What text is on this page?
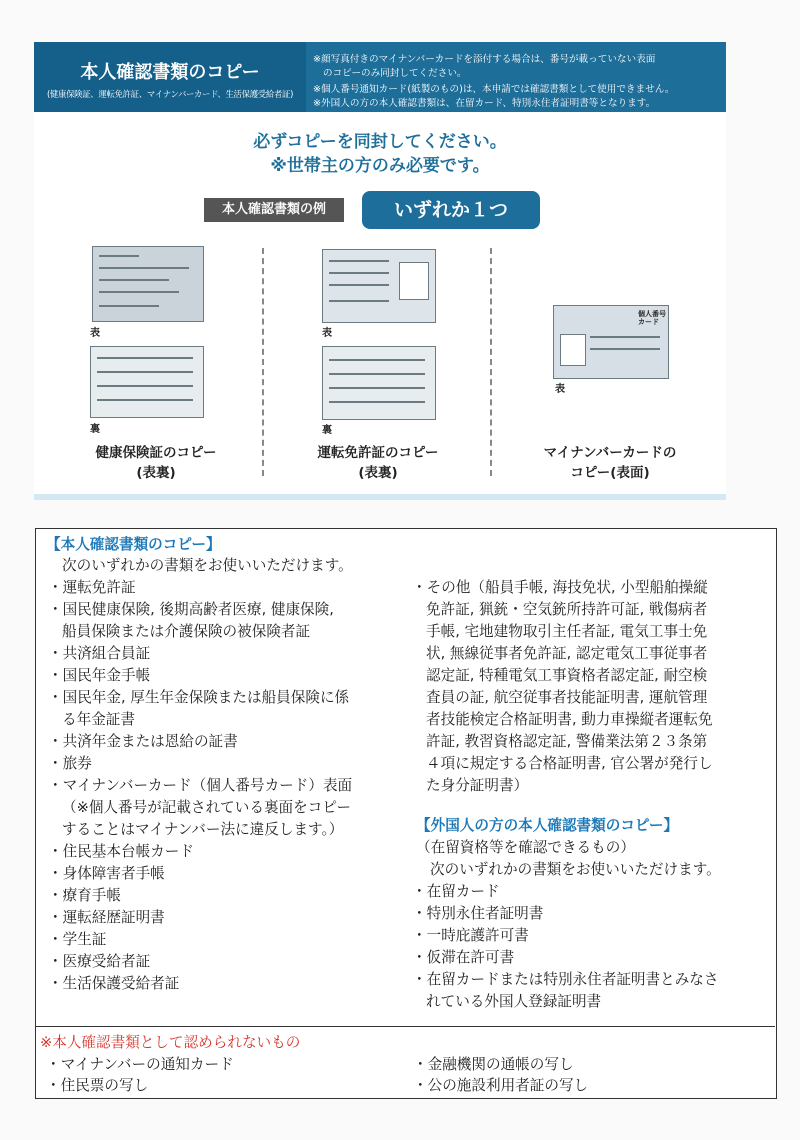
本人確認書類のコピー
(健康保険証、運転免許証、マイナンバーカード、生活保護受給者証)
※顔写真付きのマイナンバーカードを添付する場合は、番号が載っていない表面
のコピーのみ同封してください。
※個人番号通知カード(紙製のもの)は、本申請では確認書類として使用できません。
※外国人の方の本人確認書類は、在留カード、特別永住者証明書等となります。
必ずコピーを同封してください。
※世帯主の方のみ必要です。
本人確認書類の例	いずれか１つ
表
裏
健康保険証のコピー
(表裏)
表
裏
運転免許証のコピー
(表裏)
個人番号
カード
表
マイナンバーカードの
コピー(表面)
【本人確認書類のコピー】
次のいずれかの書類をお使いいただけます。
・運転免許証
・国民健康保険, 後期高齢者医療, 健康保険,
船員保険または介護保険の被保険者証
・共済組合員証
・国民年金手帳
・国民年金, 厚生年金保険または船員保険に係
る年金証書
・共済年金または恩給の証書
・旅券
・マイナンバーカード（個人番号カード）表面
（※個人番号が記載されている裏面をコピー
することはマイナンバー法に違反します。）
・住民基本台帳カード
・身体障害者手帳
・療育手帳
・運転経歴証明書
・学生証
・医療受給者証
・生活保護受給者証
・その他（船員手帳, 海技免状, 小型船舶操縦
免許証, 猟銃・空気銃所持許可証, 戦傷病者
手帳, 宅地建物取引主任者証, 電気工事士免
状, 無線従事者免許証, 認定電気工事従事者
認定証, 特種電気工事資格者認定証, 耐空検
査員の証, 航空従事者技能証明書, 運航管理
者技能検定合格証明書, 動力車操縦者運転免
許証, 教習資格認定証, 警備業法第２３条第
４項に規定する合格証明書, 官公署が発行し
た身分証明書）
【外国人の方の本人確認書類のコピー】
（在留資格等を確認できるもの）
次のいずれかの書類をお使いいただけます。
・在留カード
・特別永住者証明書
・一時庇護許可書
・仮滞在許可書
・在留カードまたは特別永住者証明書とみなさ
れている外国人登録証明書
※本人確認書類として認められないもの
・マイナンバーの通知カード
・住民票の写し
・金融機関の通帳の写し
・公の施設利用者証の写し
